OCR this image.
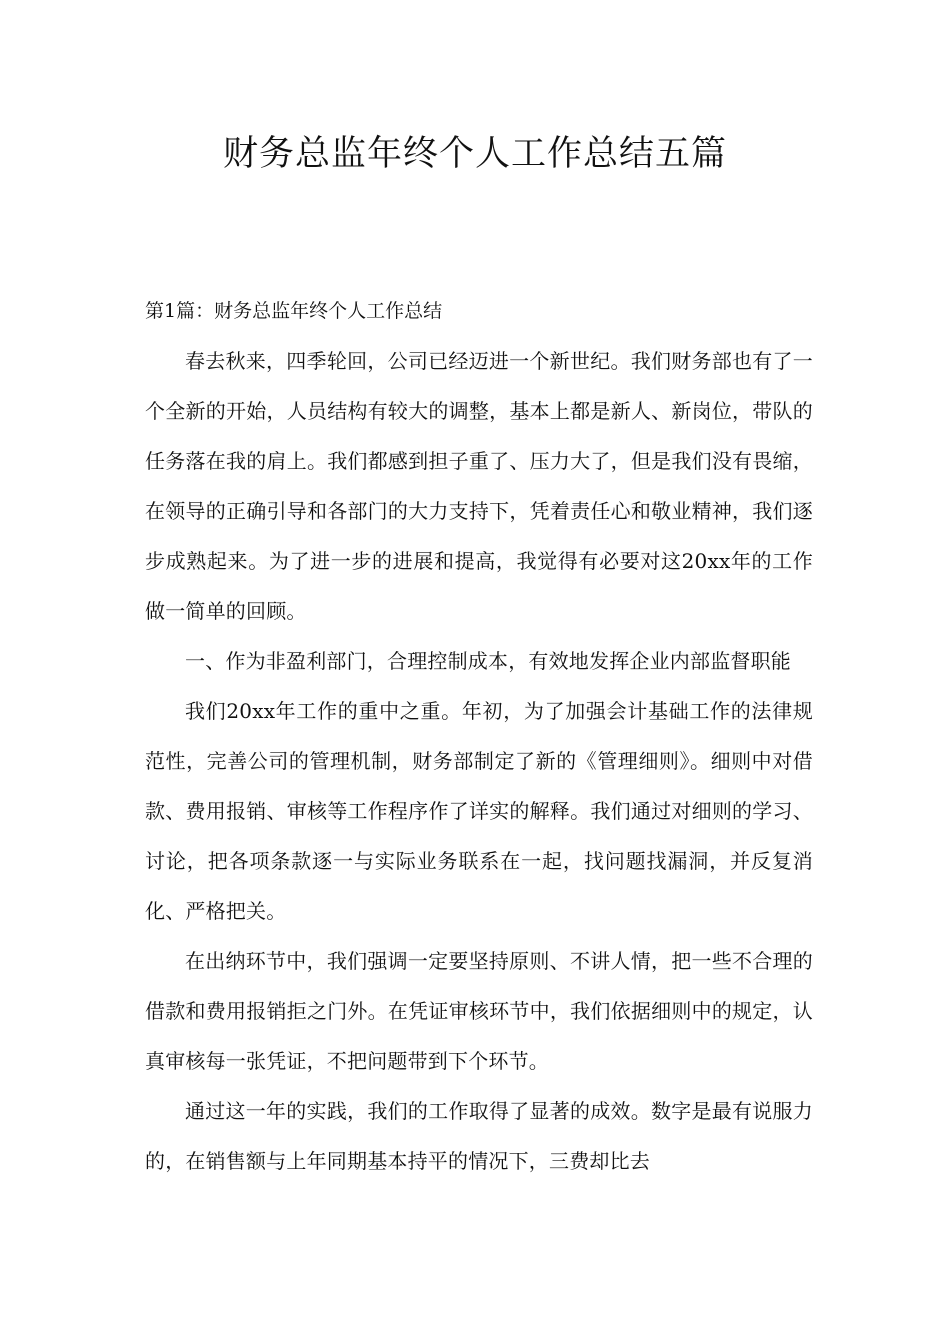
财务总监年终个人工作总结五篇

第1篇：财务总监年终个人工作总结

春去秋来，四季轮回，公司已经迈进一个新世纪。我们财务部也有了一个全新的开始，人员结构有较大的调整，基本上都是新人、新岗位，带队的任务落在我的肩上。我们都感到担子重了、压力大了，但是我们没有畏缩，在领导的正确引导和各部门的大力支持下，凭着责任心和敬业精神，我们逐步成熟起来。为了进一步的进展和提高，我觉得有必要对这20xx年的工作做一简单的回顾。

一、作为非盈利部门，合理控制成本，有效地发挥企业内部监督职能

我们20xx年工作的重中之重。年初，为了加强会计基础工作的法律规范性，完善公司的管理机制，财务部制定了新的《管理细则》。细则中对借款、费用报销、审核等工作程序作了详实的解释。我们通过对细则的学习、讨论，把各项条款逐一与实际业务联系在一起，找问题找漏洞，并反复消化、严格把关。

在出纳环节中，我们强调一定要坚持原则、不讲人情，把一些不合理的借款和费用报销拒之门外。在凭证审核环节中，我们依据细则中的规定，认真审核每一张凭证，不把问题带到下个环节。

通过这一年的实践，我们的工作取得了显著的成效。数字是最有说服力的，在销售额与上年同期基本持平的情况下，三费却比去
